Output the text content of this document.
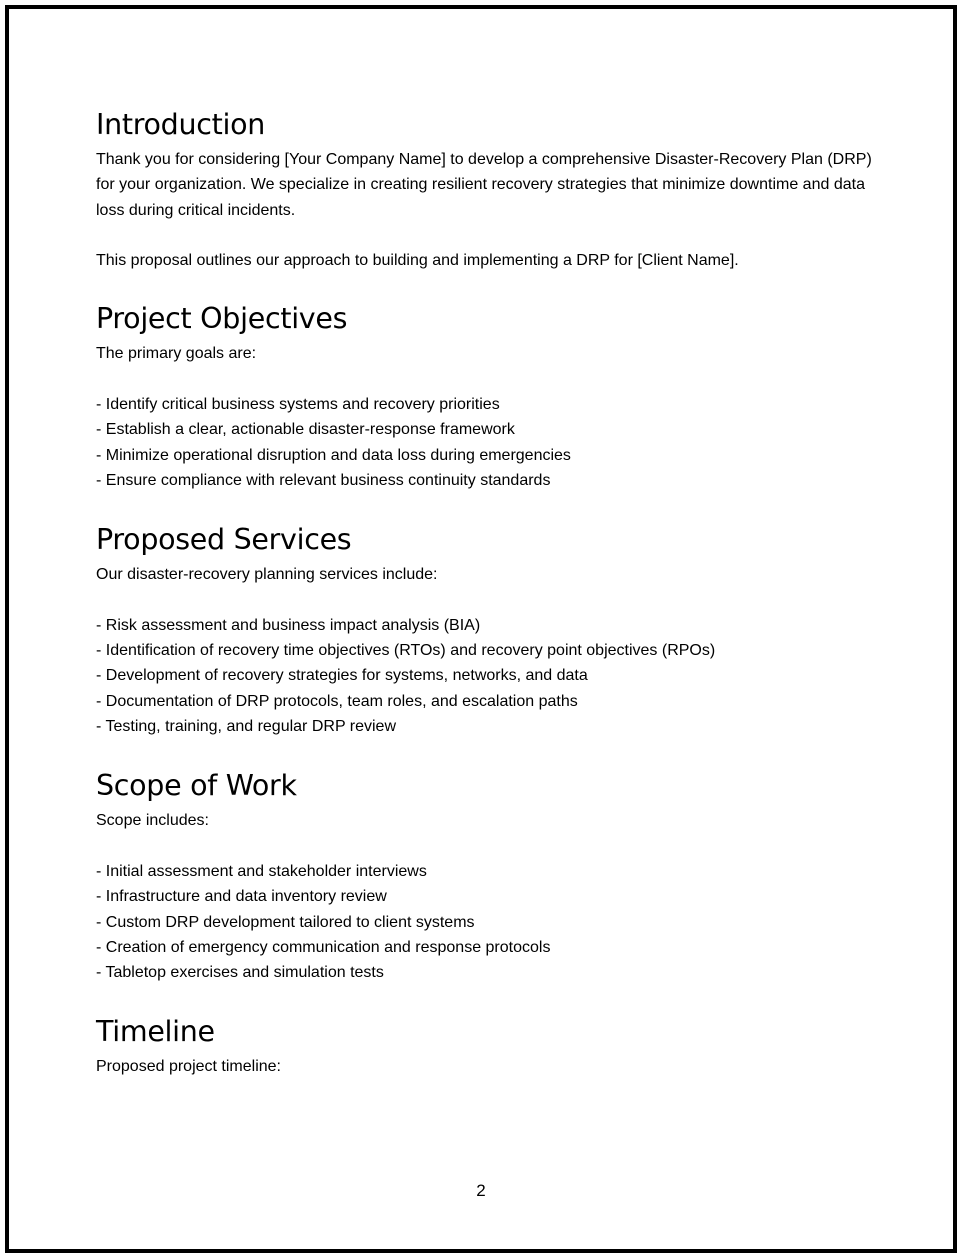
Introduction

Thank you for considering [Your Company Name] to develop a comprehensive Disaster-Recovery Plan (DRP) for your organization. We specialize in creating resilient recovery strategies that minimize downtime and data loss during critical incidents.

This proposal outlines our approach to building and implementing a DRP for [Client Name].

Project Objectives

The primary goals are:

- Identify critical business systems and recovery priorities
- Establish a clear, actionable disaster-response framework
- Minimize operational disruption and data loss during emergencies
- Ensure compliance with relevant business continuity standards
Proposed Services

Our disaster-recovery planning services include:

- Risk assessment and business impact analysis (BIA)
- Identification of recovery time objectives (RTOs) and recovery point objectives (RPOs)
- Development of recovery strategies for systems, networks, and data
- Documentation of DRP protocols, team roles, and escalation paths
- Testing, training, and regular DRP review
Scope of Work

Scope includes:

- Initial assessment and stakeholder interviews
- Infrastructure and data inventory review
- Custom DRP development tailored to client systems
- Creation of emergency communication and response protocols
- Tabletop exercises and simulation tests
Timeline

Proposed project timeline:

2
